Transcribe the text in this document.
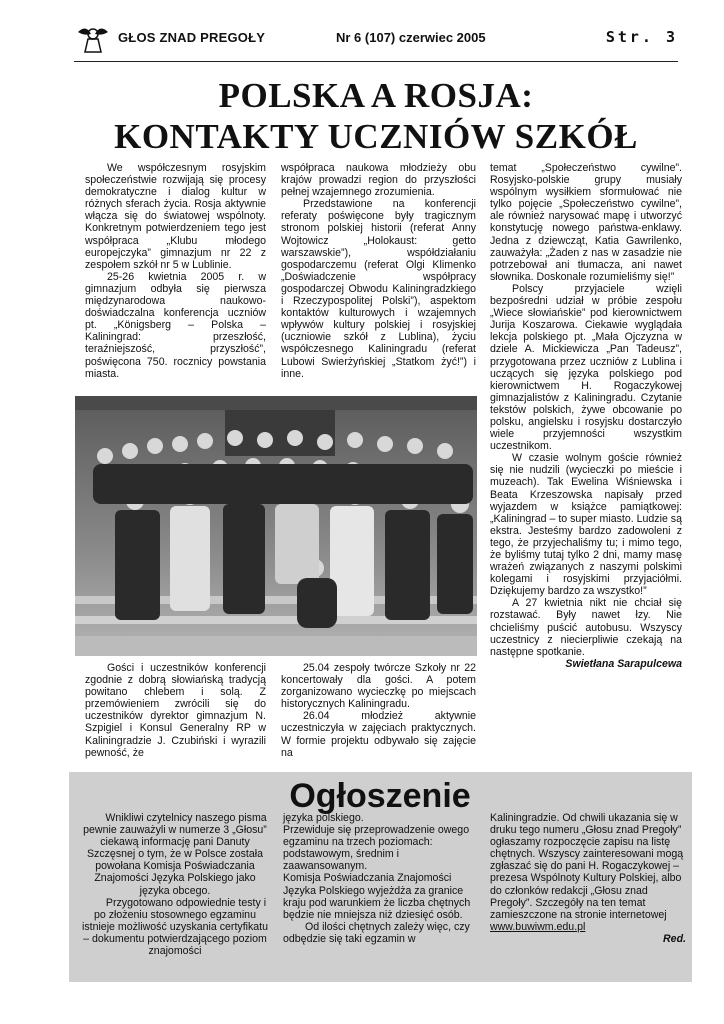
GŁOS ZNAD PREGOŁY	Nr 6 (107) czerwiec 2005	Str. 3
POLSKA A ROSJA:
KONTAKTY UCZNIÓW SZKÓŁ

We współczesnym rosyjskim społeczeństwie rozwijają się procesy demokratyczne i dialog kultur w różnych sferach życia. Rosja aktywnie włącza się do światowej wspólnoty. Konkretnym potwierdzeniem tego jest współpraca „Klubu młodego europejczyka” gimnazjum nr 22 z zespołem szkół nr 5 w Lublinie.

25-26 kwietnia 2005 r. w gimnazjum odbyła się pierwsza międzynarodowa naukowo-doświadczalna konferencja uczniów pt. „Königsberg – Polska – Kaliningrad: przeszłość, teraźniejszość, przyszłość”, poświęcona 750. rocznicy powstania miasta.

współpraca naukowa młodzieży obu krajów prowadzi region do przyszłości pełnej wzajemnego zrozumienia.

Przedstawione na konferencji referaty poświęcone były tragicznym stronom polskiej historii (referat Anny Wojtowicz „Holokaust: getto warszawskie”), współdziałaniu gospodarczemu (referat Olgi Klimenko „Doświadczenie współpracy gospodarczej Obwodu Kaliningradzkiego i Rzeczypospolitej Polski”), aspektom kontaktów kulturowych i wzajemnych wpływów kultury polskiej i rosyjskiej (uczniowie szkół z Lublina), życiu współczesnego Kaliningradu (referat Lubowi Swierżyńskiej „Statkom żyć!”) i inne.

temat „Społeczeństwo cywilne”. Rosyjsko-polskie grupy musiały wspólnym wysiłkiem sformułować nie tylko pojęcie „Społeczeństwo cywilne”, ale również narysować mapę i utworzyć konstytucję nowego państwa-enklawy. Jedna z dziewcząt, Katia Gawrilenko, zauważyła: „Żaden z nas w zasadzie nie potrzebował ani tłumacza, ani nawet słownika. Doskonale rozumieliśmy się!”

Polscy przyjaciele wzięli bezpośredni udział w próbie zespołu „Wiece słowiańskie” pod kierownictwem Jurija Koszarowa. Ciekawie wyglądała lekcja polskiego pt. „Mała Ojczyzna w dziele A. Mickiewicza „Pan Tadeusz”, przygotowana przez uczniów z Lublina i uczących się języka polskiego pod kierownictwem H. Rogaczykowej gimnazjalistów z Kaliningradu. Czytanie tekstów polskich, żywe obcowanie po polsku, angielsku i rosyjsku dostarczyło wiele przyjemności wszystkim uczestnikom.

W czasie wolnym goście również się nie nudzili (wycieczki po mieście i muzeach). Tak Ewelina Wiśniewska i Beata Krzeszowska napisały przed wyjazdem w książce pamiątkowej: „Kaliningrad – to super miasto. Ludzie są ekstra. Jesteśmy bardzo zadowoleni z tego, że przyjechaliśmy tu; i mimo tego, że byliśmy tutaj tylko 2 dni, mamy masę wrażeń związanych z naszymi polskimi kolegami i rosyjskimi przyjaciółmi. Dziękujemy bardzo za wszystko!”

A 27 kwietnia nikt nie chciał się rozstawać. Były nawet łzy. Nie chcieliśmy puścić autobusu. Wszyscy uczestnicy z niecierpliwie czekają na następne spotkanie.

Swietłana Sarapulcewa

Gości i uczestników konferencji zgodnie z dobrą słowiańską tradycją powitano chlebem i solą. Z przemówieniem zwrócili się do uczestników dyrektor gimnazjum N. Szpigiel i Konsul Generalny RP w Kaliningradzie J. Czubiński i wyrazili pewność, że

25.04 zespoły twórcze Szkoły nr 22 koncertowały dla gości. A potem zorganizowano wycieczkę po miejscach historycznych Kaliningradu.

26.04 młodzież aktywnie uczestniczyła w zajęciach praktycznych. W formie projektu odbywało się zajęcie na

Ogłoszenie

Wnikliwi czytelnicy naszego pisma pewnie zauważyli w numerze 3 „Głosu” ciekawą informację pani Danuty Szczęsnej o tym, że w Polsce została powołana Komisja Poświadczania Znajomości Języka Polskiego jako języka obcego.

Przygotowano odpowiednie testy i po złożeniu stosownego egzaminu istnieje możliwość uzyskania certyfikatu – dokumentu potwierdzającego poziom znajomości

języka polskiego.

Przewiduje się przeprowadzenie owego egzaminu na trzech poziomach: podstawowym, średnim i zaawansowanym.

Komisja Poświadczania Znajomości Języka Polskiego wyjeżdża za granice kraju pod warunkiem że liczba chętnych będzie nie mniejsza niż dziesięć osób.

Od ilości chętnych zależy więc, czy odbędzie się taki egzamin w

Kaliningradzie. Od chwili ukazania się w druku tego numeru „Głosu znad Pregoły” ogłaszamy rozpoczęcie zapisu na listę chętnych. Wszyscy zainteresowani mogą zgłaszać się do pani H. Rogaczykowej – prezesa Wspólnoty Kultury Polskiej, albo do członków redakcji „Głosu znad Pregoły”. Szczegóły na ten temat zamieszczone na stronie internetowej

www.buwiwm.edu.pl

Red.
